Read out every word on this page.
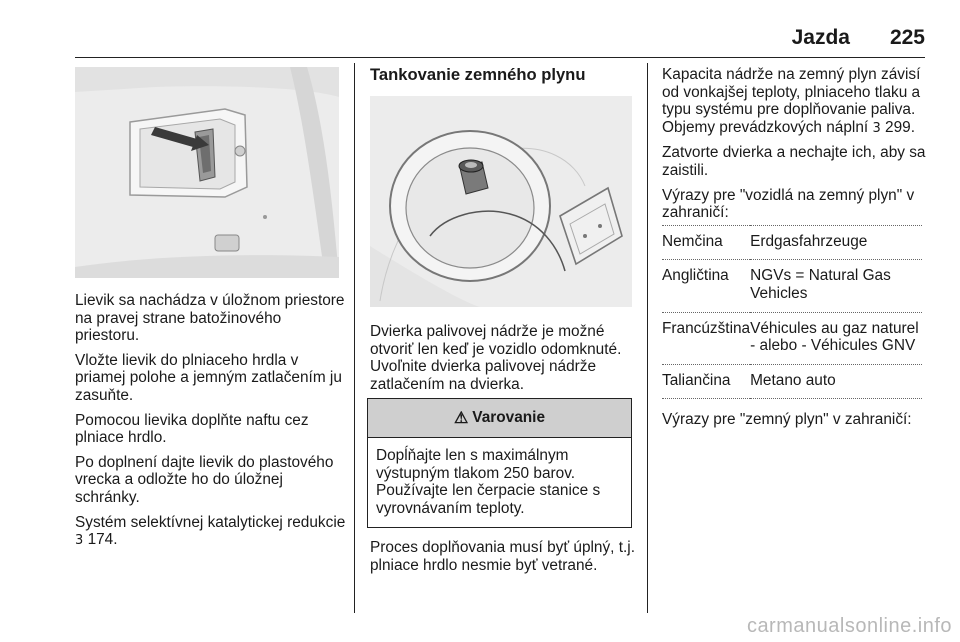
Jazda 225

Lievik sa nachádza v úložnom priestore na pravej strane batožinového priestoru.

Vložte lievik do plniaceho hrdla v priamej polohe a jemným zatlačením ju zasuňte.

Pomocou lievika doplňte naftu cez plniace hrdlo.

Po doplnení dajte lievik do plastového vrecka a odložte ho do úložnej schránky.

Systém selektívnej katalytickej redukcie 3 174.

Tankovanie zemného plynu

Dvierka palivovej nádrže je možné otvoriť len keď je vozidlo odomknuté. Uvoľnite dvierka palivovej nádrže zatlačením na dvierka.

⚠ Varovanie
Dopĺňajte len s maximálnym výstupným tlakom 250 barov. Používajte len čerpacie stanice s vyrovnávaním teploty.

Proces doplňovania musí byť úplný, t.j. plniace hrdlo nesmie byť vetrané.

Kapacita nádrže na zemný plyn závisí od vonkajšej teploty, plniaceho tlaku a typu systému pre doplňovanie paliva. Objemy prevádzkových náplní 3 299.

Zatvorte dvierka a nechajte ich, aby sa zaistili.

Výrazy pre "vozidlá na zemný plyn" v zahraničí:

Nemčina	Erdgasfahrzeuge
Angličtina	NGVs = Natural Gas Vehicles
Francúzština	Véhicules au gaz naturel - alebo - Véhicules GNV
Taliančina	Metano auto

Výrazy pre "zemný plyn" v zahraničí:

carmanualsonline.info
